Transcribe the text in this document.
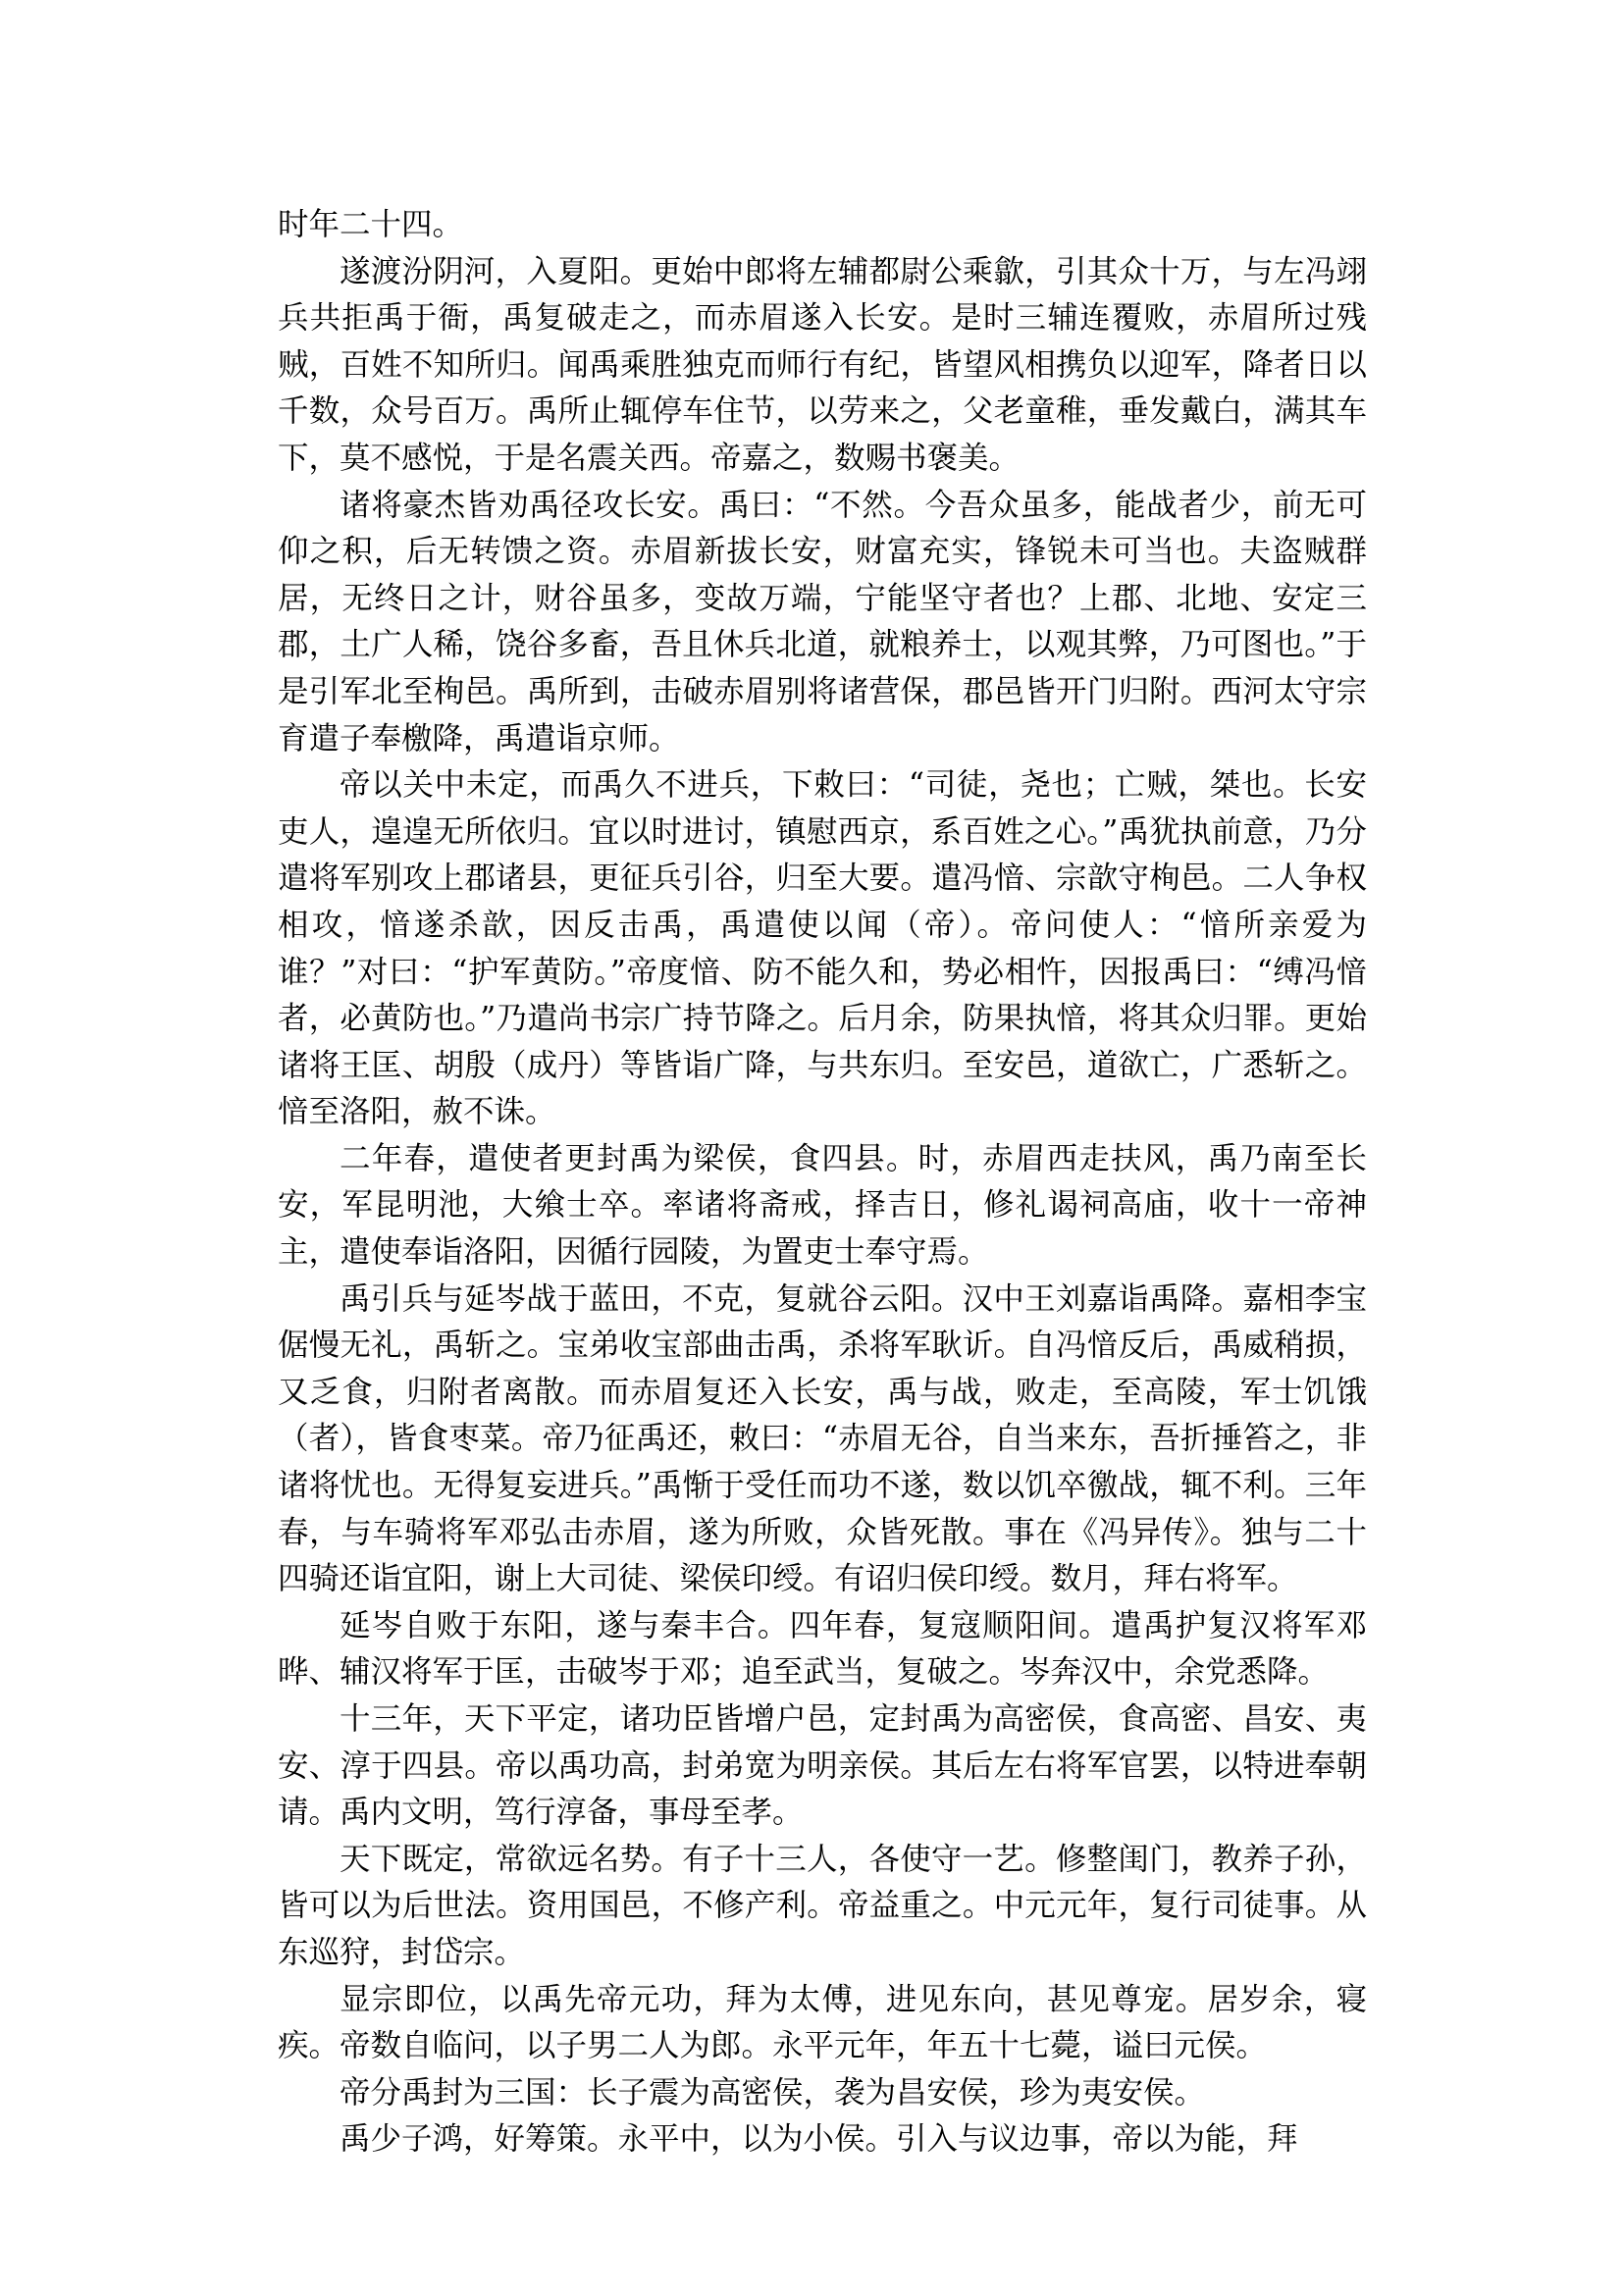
时年二十四。

遂渡汾阴河，入夏阳。更始中郎将左辅都尉公乘歙，引其众十万，与左冯翊兵共拒禹于衙，禹复破走之，而赤眉遂入长安。是时三辅连覆败，赤眉所过残贼，百姓不知所归。闻禹乘胜独克而师行有纪，皆望风相携负以迎军，降者日以千数，众号百万。禹所止辄停车住节，以劳来之，父老童稚，垂发戴白，满其车下，莫不感悦，于是名震关西。帝嘉之，数赐书褒美。

诸将豪杰皆劝禹径攻长安。禹曰：“不然。今吾众虽多，能战者少，前无可仰之积，后无转馈之资。赤眉新拔长安，财富充实，锋锐未可当也。夫盗贼群居，无终日之计，财谷虽多，变故万端，宁能坚守者也？上郡、北地、安定三郡，土广人稀，饶谷多畜，吾且休兵北道，就粮养士，以观其弊，乃可图也。”于是引军北至栒邑。禹所到，击破赤眉别将诸营保，郡邑皆开门归附。西河太守宗育遣子奉檄降，禹遣诣京师。

帝以关中未定，而禹久不进兵，下敕曰：“司徒，尧也；亡贼，桀也。长安吏人，遑遑无所依归。宜以时进讨，镇慰西京，系百姓之心。”禹犹执前意，乃分遣将军别攻上郡诸县，更征兵引谷，归至大要。遣冯愔、宗歆守栒邑。二人争权相攻，愔遂杀歆，因反击禹，禹遣使以闻（帝）。帝问使人：“愔所亲爱为谁？”对曰：“护军黄防。”帝度愔、防不能久和，势必相忤，因报禹曰：“缚冯愔者，必黄防也。”乃遣尚书宗广持节降之。后月余，防果执愔，将其众归罪。更始诸将王匡、胡殷（成丹）等皆诣广降，与共东归。至安邑，道欲亡，广悉斩之。愔至洛阳，赦不诛。

二年春，遣使者更封禹为梁侯，食四县。时，赤眉西走扶风，禹乃南至长安，军昆明池，大飨士卒。率诸将斋戒，择吉日，修礼谒祠高庙，收十一帝神主，遣使奉诣洛阳，因循行园陵，为置吏士奉守焉。

禹引兵与延岑战于蓝田，不克，复就谷云阳。汉中王刘嘉诣禹降。嘉相李宝倨慢无礼，禹斩之。宝弟收宝部曲击禹，杀将军耿䜣。自冯愔反后，禹威稍损，又乏食，归附者离散。而赤眉复还入长安，禹与战，败走，至高陵，军士饥饿（者），皆食枣菜。帝乃征禹还，敕曰：“赤眉无谷，自当来东，吾折捶笞之，非诸将忧也。无得复妄进兵。”禹惭于受任而功不遂，数以饥卒徼战，辄不利。三年春，与车骑将军邓弘击赤眉，遂为所败，众皆死散。事在《冯异传》。独与二十四骑还诣宜阳，谢上大司徒、梁侯印绶。有诏归侯印绶。数月，拜右将军。

延岑自败于东阳，遂与秦丰合。四年春，复寇顺阳间。遣禹护复汉将军邓晔、辅汉将军于匡，击破岑于邓；追至武当，复破之。岑奔汉中，余党悉降。

十三年，天下平定，诸功臣皆增户邑，定封禹为高密侯，食高密、昌安、夷安、淳于四县。帝以禹功高，封弟宽为明亲侯。其后左右将军官罢，以特进奉朝请。禹内文明，笃行淳备，事母至孝。

天下既定，常欲远名势。有子十三人，各使守一艺。修整闺门，教养子孙，皆可以为后世法。资用国邑，不修产利。帝益重之。中元元年，复行司徒事。从东巡狩，封岱宗。

显宗即位，以禹先帝元功，拜为太傅，进见东向，甚见尊宠。居岁余，寝疾。帝数自临问，以子男二人为郎。永平元年，年五十七薨，谥曰元侯。

帝分禹封为三国：长子震为高密侯，袭为昌安侯，珍为夷安侯。

禹少子鸿，好筹策。永平中，以为小侯。引入与议边事，帝以为能，拜
